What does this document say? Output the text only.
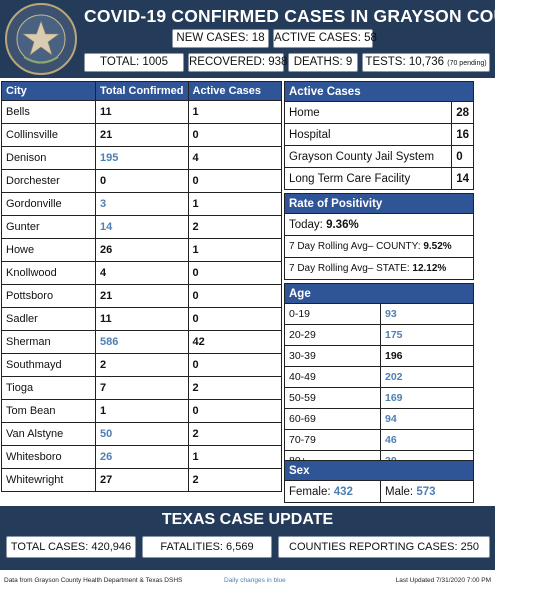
COVID-19 CONFIRMED CASES IN GRAYSON COUNTY
NEW CASES: 18 ACTIVE CASES: 58
TOTAL: 1005	RECOVERED: 938 DEATHS: 9	TESTS: 10,736 (70 pending)
City	Total Confirmed	Active Cases
Bells	11	1
Collinsville	21	0
Denison	195	4
Dorchester	0	0
Gordonville	3	1
Gunter	14	2
Howe	26	1
Knollwood	4	0
Pottsboro	21	0
Sadler	11	0
Sherman	586	42
Southmayd	2	0
Tioga	7	2
Tom Bean	1	0
Van Alstyne	50	2
Whitesboro	26	1
Whitewright	27	2
Active Cases	
Home	28
Hospital	16
Grayson County Jail System	0
Long Term Care Facility	14
Rate of Positivity
Today: 9.36%
7 Day Rolling Avg– COUNTY: 9.52%
7 Day Rolling Avg– STATE: 12.12%
Age	
0-19	93
20-29	175
30-39	196
40-49	202
50-59	169
60-69	94
70-79	46

Sex
Female: 432	Male: 573
TEXAS CASE UPDATE
TOTAL CASES: 420,946	FATALITIES: 6,569	COUNTIES REPORTING CASES: 250
Data from Grayson County Health Department & Texas DSHS	Daily changes in blue	Last Updated 7/31/2020 7:00 PM
